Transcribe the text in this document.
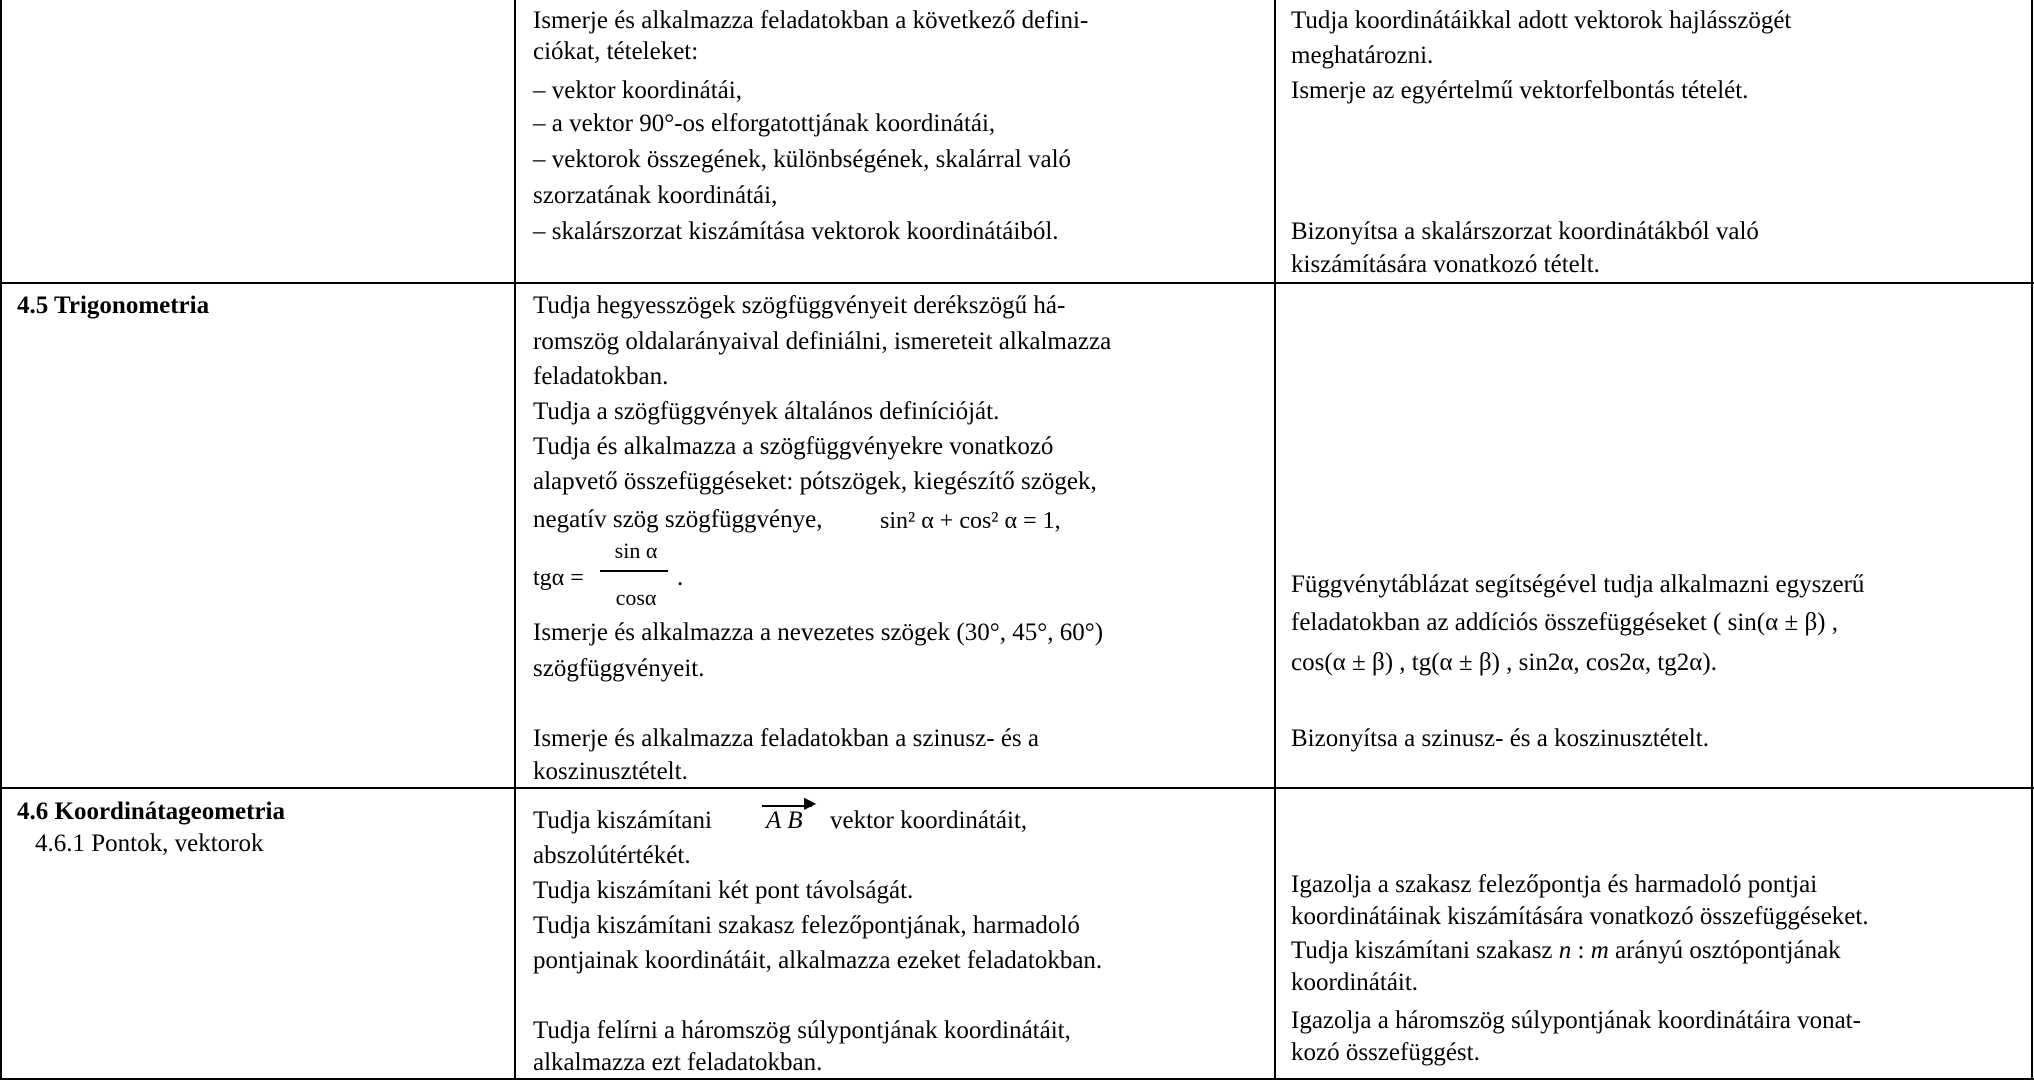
Ismerje és alkalmazza feladatokban a következő defini-
ciókat, tételeket:
– vektor koordinátái,
– a vektor 90°-os elforgatottjának koordinátái,
– vektorok összegének, különbségének, skalárral való
szorzatának koordinátái,
– skalárszorzat kiszámítása vektorok koordinátáiból.
Tudja koordinátáikkal adott vektorok hajlásszögét
meghatározni.
Ismerje az egyértelmű vektorfelbontás tételét.
Bizonyítsa a skalárszorzat koordinátákból való
kiszámítására vonatkozó tételt.
4.5 Trigonometria	Tudja hegyesszögek szögfüggvényeit derékszögű há-
romszög oldalarányaival definiálni, ismereteit alkalmazza
feladatokban.
Tudja a szögfüggvények általános definícióját.
Tudja és alkalmazza a szögfüggvényekre vonatkozó
alapvető összefüggéseket: pótszögek, kiegészítő szögek,
negatív szög szögfüggvénye, sin² α + cos² α = 1,
tgα =
sin α
cosα
.
Ismerje és alkalmazza a nevezetes szögek (30°, 45°, 60°)
szögfüggvényeit.
Ismerje és alkalmazza feladatokban a szinusz- és a
koszinusztételt.
Függvénytáblázat segítségével tudja alkalmazni egyszerű
feladatokban az addíciós összefüggéseket ( sin(α ± β) ,
cos(α ± β) , tg(α ± β) , sin2α, cos2α, tg2α).
Bizonyítsa a szinusz- és a koszinusztételt.
4.6 Koordinátageometria
4.6.1 Pontok, vektorok
Tudja kiszámítani
▶
AB vektor koordinátáit,
abszolútértékét.
Tudja kiszámítani két pont távolságát.
Tudja kiszámítani szakasz felezőpontjának, harmadoló
pontjainak koordinátáit, alkalmazza ezeket feladatokban.
Tudja felírni a háromszög súlypontjának koordinátáit,
alkalmazza ezt feladatokban.
Igazolja a szakasz felezőpontja és harmadoló pontjai
koordinátáinak kiszámítására vonatkozó összefüggéseket.
Tudja kiszámítani szakasz n : m arányú osztópontjának
koordinátáit.
Igazolja a háromszög súlypontjának koordinátáira vonat-
kozó összefüggést.
